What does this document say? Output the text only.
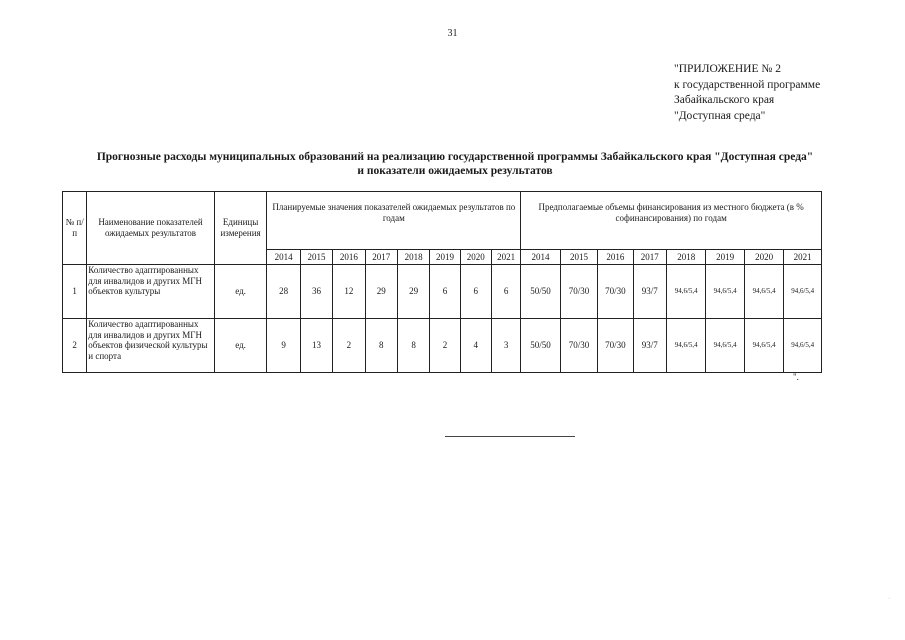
31
"ПРИЛОЖЕНИЕ № 2
к государственной программе
Забайкальского края
"Доступная среда"
Прогнозные расходы муниципальных образований на реализацию государственной программы Забайкальского края "Доступная среда"
и показатели ожидаемых результатов
№ п/п	Наименование показателей ожидаемых результатов	Единицы измерения	Планируемые значения показателей ожидаемых результатов по годам								Предполагаемые объемы финансирования из местного бюджета (в % софинансирования) по годам							
			2014	2015	2016	2017	2018	2019	2020	2021	2014	2015	2016	2017	2018	2019	2020	2021
1	Количество адаптированных для инвалидов и других МГН объектов культуры	ед.	28	36	12	29	29	6	6	6	50/50	70/30	70/30	93/7	94,6/5,4	94,6/5,4	94,6/5,4	94,6/5,4
2	Количество адаптированных для инвалидов и других МГН объектов физической культуры и спорта	ед.	9	13	2	8	8	2	4	3	50/50	70/30	70/30	93/7	94,6/5,4	94,6/5,4	94,6/5,4	94,6/5,4
".
·
